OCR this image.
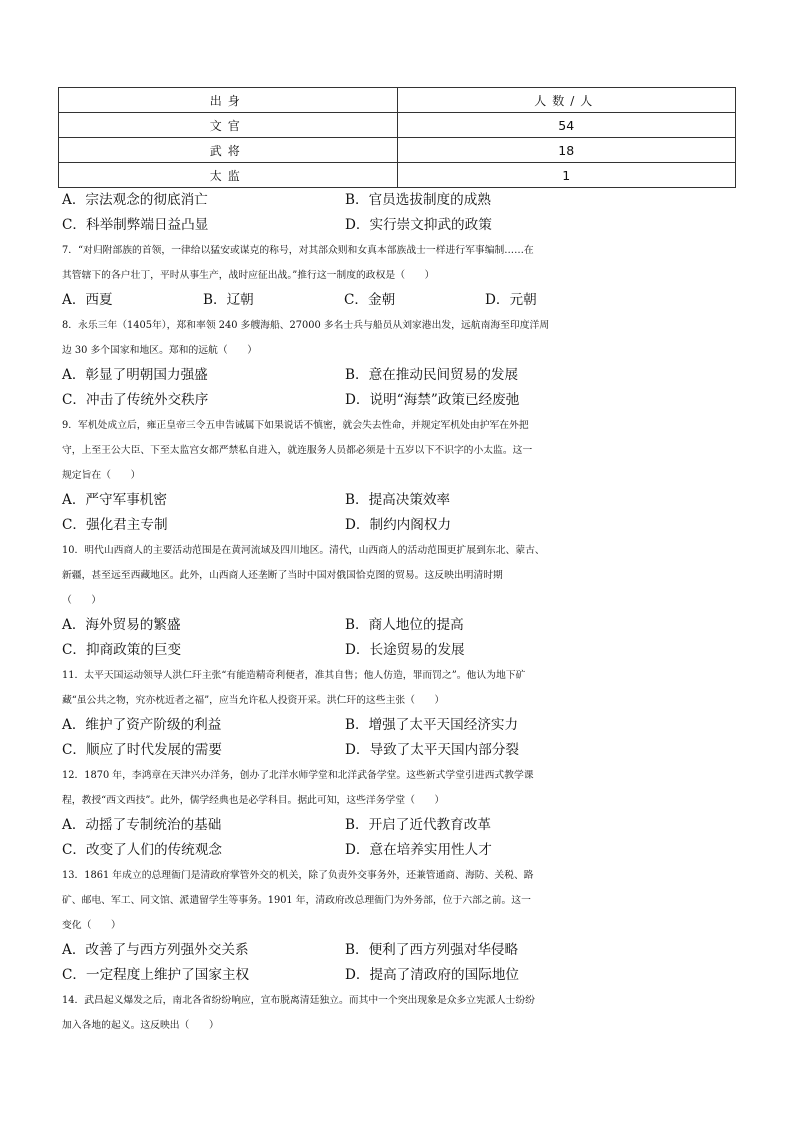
出身	人数/人
文官	54
武将	18
太监	1
A．宗法观念的彻底消亡	B．官员选拔制度的成熟
C．科举制弊端日益凸显	D．实行崇文抑武的政策
7．“对归附部族的首领，一律给以猛安或谋克的称号，对其部众则和女真本部族战士一样进行军事编制……在
其管辖下的各户壮丁，平时从事生产，战时应征出战。”推行这一制度的政权是（　　）
A．西夏	B．辽朝	C．金朝	D．元朝
8．永乐三年（1405年），郑和率领 240 多艘海船、27000 多名士兵与船员从刘家港出发，远航南海至印度洋周
边 30 多个国家和地区。郑和的远航（　　）
A．彰显了明朝国力强盛	B．意在推动民间贸易的发展
C．冲击了传统外交秩序	D．说明“海禁”政策已经废弛
9．军机处成立后，雍正皇帝三令五申告诫属下如果说话不慎密，就会失去性命，并规定军机处由护军在外把
守，上至王公大臣、下至太监宫女都严禁私自进入，就连服务人员都必须是十五岁以下不识字的小太监。这一
规定旨在（　　）
A．严守军事机密	B．提高决策效率
C．强化君主专制	D．制约内阁权力
10．明代山西商人的主要活动范围是在黄河流域及四川地区。清代，山西商人的活动范围更扩展到东北、蒙古、
新疆，甚至远至西藏地区。此外，山西商人还垄断了当时中国对俄国恰克图的贸易。这反映出明清时期
（　　）
A．海外贸易的繁盛	B．商人地位的提高
C．抑商政策的巨变	D．长途贸易的发展
11．太平天国运动领导人洪仁玕主张“有能造精奇利便者，准其自售；他人仿造，罪而罚之”。他认为地下矿
藏“虽公共之物，究亦枕近者之福”，应当允许私人投资开采。洪仁玕的这些主张（　　）
A．维护了资产阶级的利益	B．增强了太平天国经济实力
C．顺应了时代发展的需要	D．导致了太平天国内部分裂
12．1870 年，李鸿章在天津兴办洋务，创办了北洋水师学堂和北洋武备学堂。这些新式学堂引进西式教学课
程，教授“西文西技”。此外，儒学经典也是必学科目。据此可知，这些洋务学堂（　　）
A．动摇了专制统治的基础	B．开启了近代教育改革
C．改变了人们的传统观念	D．意在培养实用性人才
13．1861 年成立的总理衙门是清政府掌管外交的机关，除了负责外交事务外，还兼管通商、海防、关税、路
矿、邮电、军工、同文馆、派遣留学生等事务。1901 年，清政府改总理衙门为外务部，位于六部之前。这一
变化（　　）
A．改善了与西方列强外交关系	B．便利了西方列强对华侵略
C．一定程度上维护了国家主权	D．提高了清政府的国际地位
14．武昌起义爆发之后，南北各省纷纷响应，宣布脱离清廷独立。而其中一个突出现象是众多立宪派人士纷纷
加入各地的起义。这反映出（　　）
